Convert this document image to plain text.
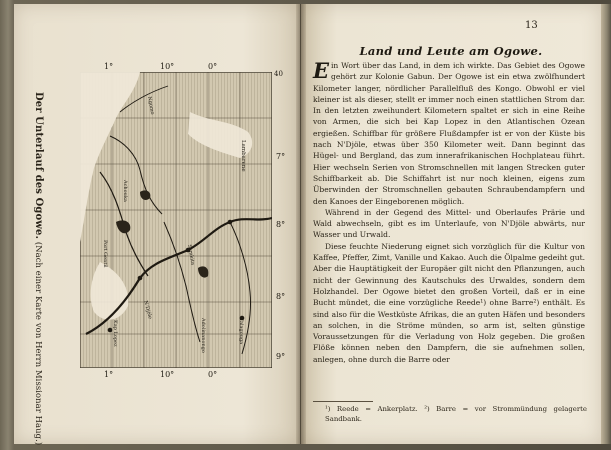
1°	10°	0°
40
7°
8°
8°
9°
1°	10°	0°
Lambarene
Ngomo
N'Djöle
Samkita
Talagouga
Kap Lopez
Port Gentil
Achouka
Adolinanongo
Der Unterlauf des Ogowe. (Nach einer Karte von Herrn Missionar Haug.)
13
Land und Leute am Ogowe.

Ein Wort über das Land, in dem ich wirkte. Das Gebiet des Ogowe gehört zur Kolonie Gabun. Der Ogowe ist ein etwa zwölfhundert Kilometer langer, nördlicher Parallelfluß des Kongo. Obwohl er viel kleiner ist als dieser, stellt er immer noch einen stattlichen Strom dar. In den letzten zweihundert Kilometern spaltet er sich in eine Reihe von Armen, die sich bei Kap Lopez in den Atlantischen Ozean ergießen. Schiffbar für größere Flußdampfer ist er von der Küste bis nach N'Djöle, etwas über 350 Kilometer weit. Dann beginnt das Hügel- und Bergland, das zum innerafrikanischen Hochplateau führt. Hier wechseln Serien von Stromschnellen mit langen Strecken guter Schiffbarkeit ab. Die Schiffahrt ist nur noch kleinen, eigens zum Überwinden der Stromschnellen gebauten Schraubendampfern und den Kanoes der Eingeborenen möglich.

Während in der Gegend des Mittel- und Oberlaufes Prärie und Wald abwechseln, gibt es im Unterlaufe, von N'Djöle abwärts, nur Wasser und Urwald.

Diese feuchte Niederung eignet sich vorzüglich für die Kultur von Kaffee, Pfeffer, Zimt, Vanille und Kakao. Auch die Ölpalme gedeiht gut. Aber die Hauptätigkeit der Europäer gilt nicht den Pflanzungen, auch nicht der Gewinnung des Kautschuks des Urwaldes, sondern dem Holzhandel. Der Ogowe bietet den großen Vorteil, daß er in eine Bucht mündet, die eine vorzügliche Reede¹) ohne Barre²) enthält. Es sind also für die Westküste Afrikas, die an guten Häfen und besonders an solchen, in die Ströme münden, so arm ist, selten günstige Voraussetzungen für die Verladung von Holz gegeben. Die großen Flöße können neben den Dampfern, die sie aufnehmen sollen, anlegen, ohne durch die Barre oder

¹) Reede = Ankerplatz. ²) Barre = vor Strommündung gelagerte Sandbank.
